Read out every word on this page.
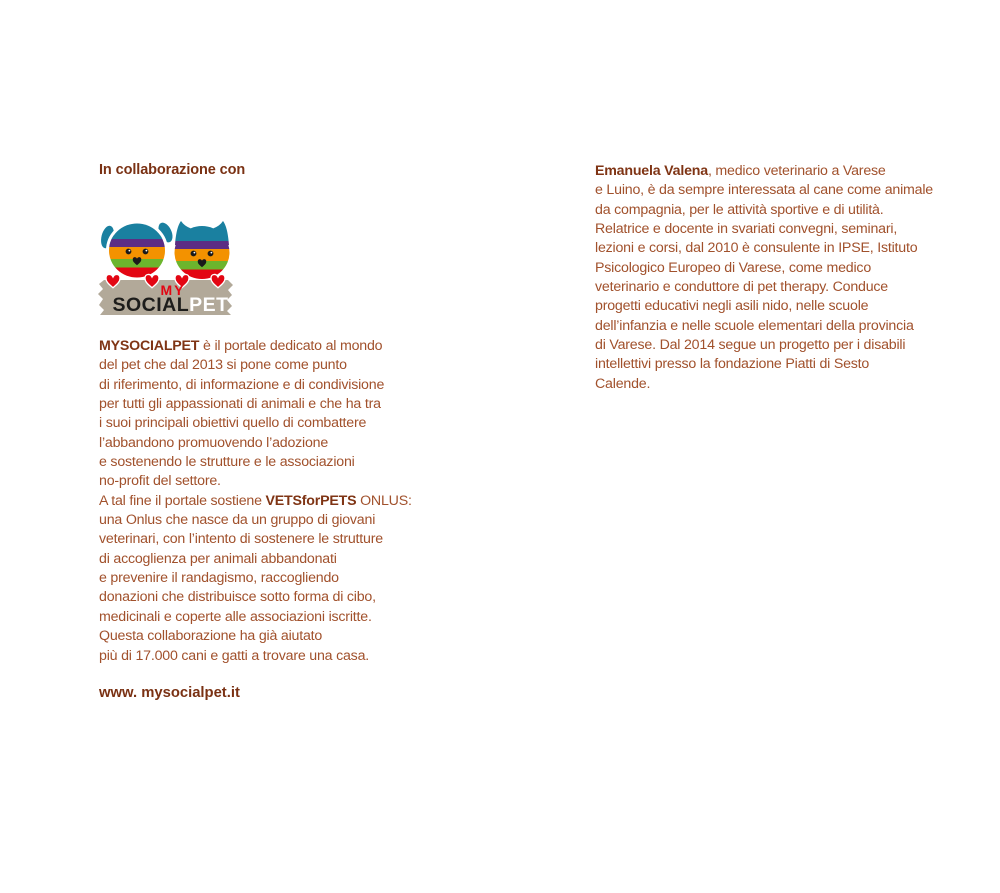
In collaborazione con
MY
SOCIALPET
MYSOCIALPET è il portale dedicato al mondo
del pet che dal 2013 si pone come punto
di riferimento, di informazione e di condivisione
per tutti gli appassionati di animali e che ha tra
i suoi principali obiettivi quello di combattere
l’abbandono promuovendo l’adozione
e sostenendo le strutture e le associazioni
no-profit del settore.
A tal fine il portale sostiene VETSforPETS ONLUS:
una Onlus che nasce da un gruppo di giovani
veterinari, con l’intento di sostenere le strutture
di accoglienza per animali abbandonati
e prevenire il randagismo, raccogliendo
donazioni che distribuisce sotto forma di cibo,
medicinali e coperte alle associazioni iscritte.
Questa collaborazione ha già aiutato
più di 17.000 cani e gatti a trovare una casa.
www. mysocialpet.it
Emanuela Valena, medico veterinario a Varese
e Luino, è da sempre interessata al cane come animale
da compagnia, per le attività sportive e di utilità.
Relatrice e docente in svariati convegni, seminari,
lezioni e corsi, dal 2010 è consulente in IPSE, Istituto
Psicologico Europeo di Varese, come medico
veterinario e conduttore di pet therapy. Conduce
progetti educativi negli asili nido, nelle scuole
dell’infanzia e nelle scuole elementari della provincia
di Varese. Dal 2014 segue un progetto per i disabili
intellettivi presso la fondazione Piatti di Sesto
Calende.
